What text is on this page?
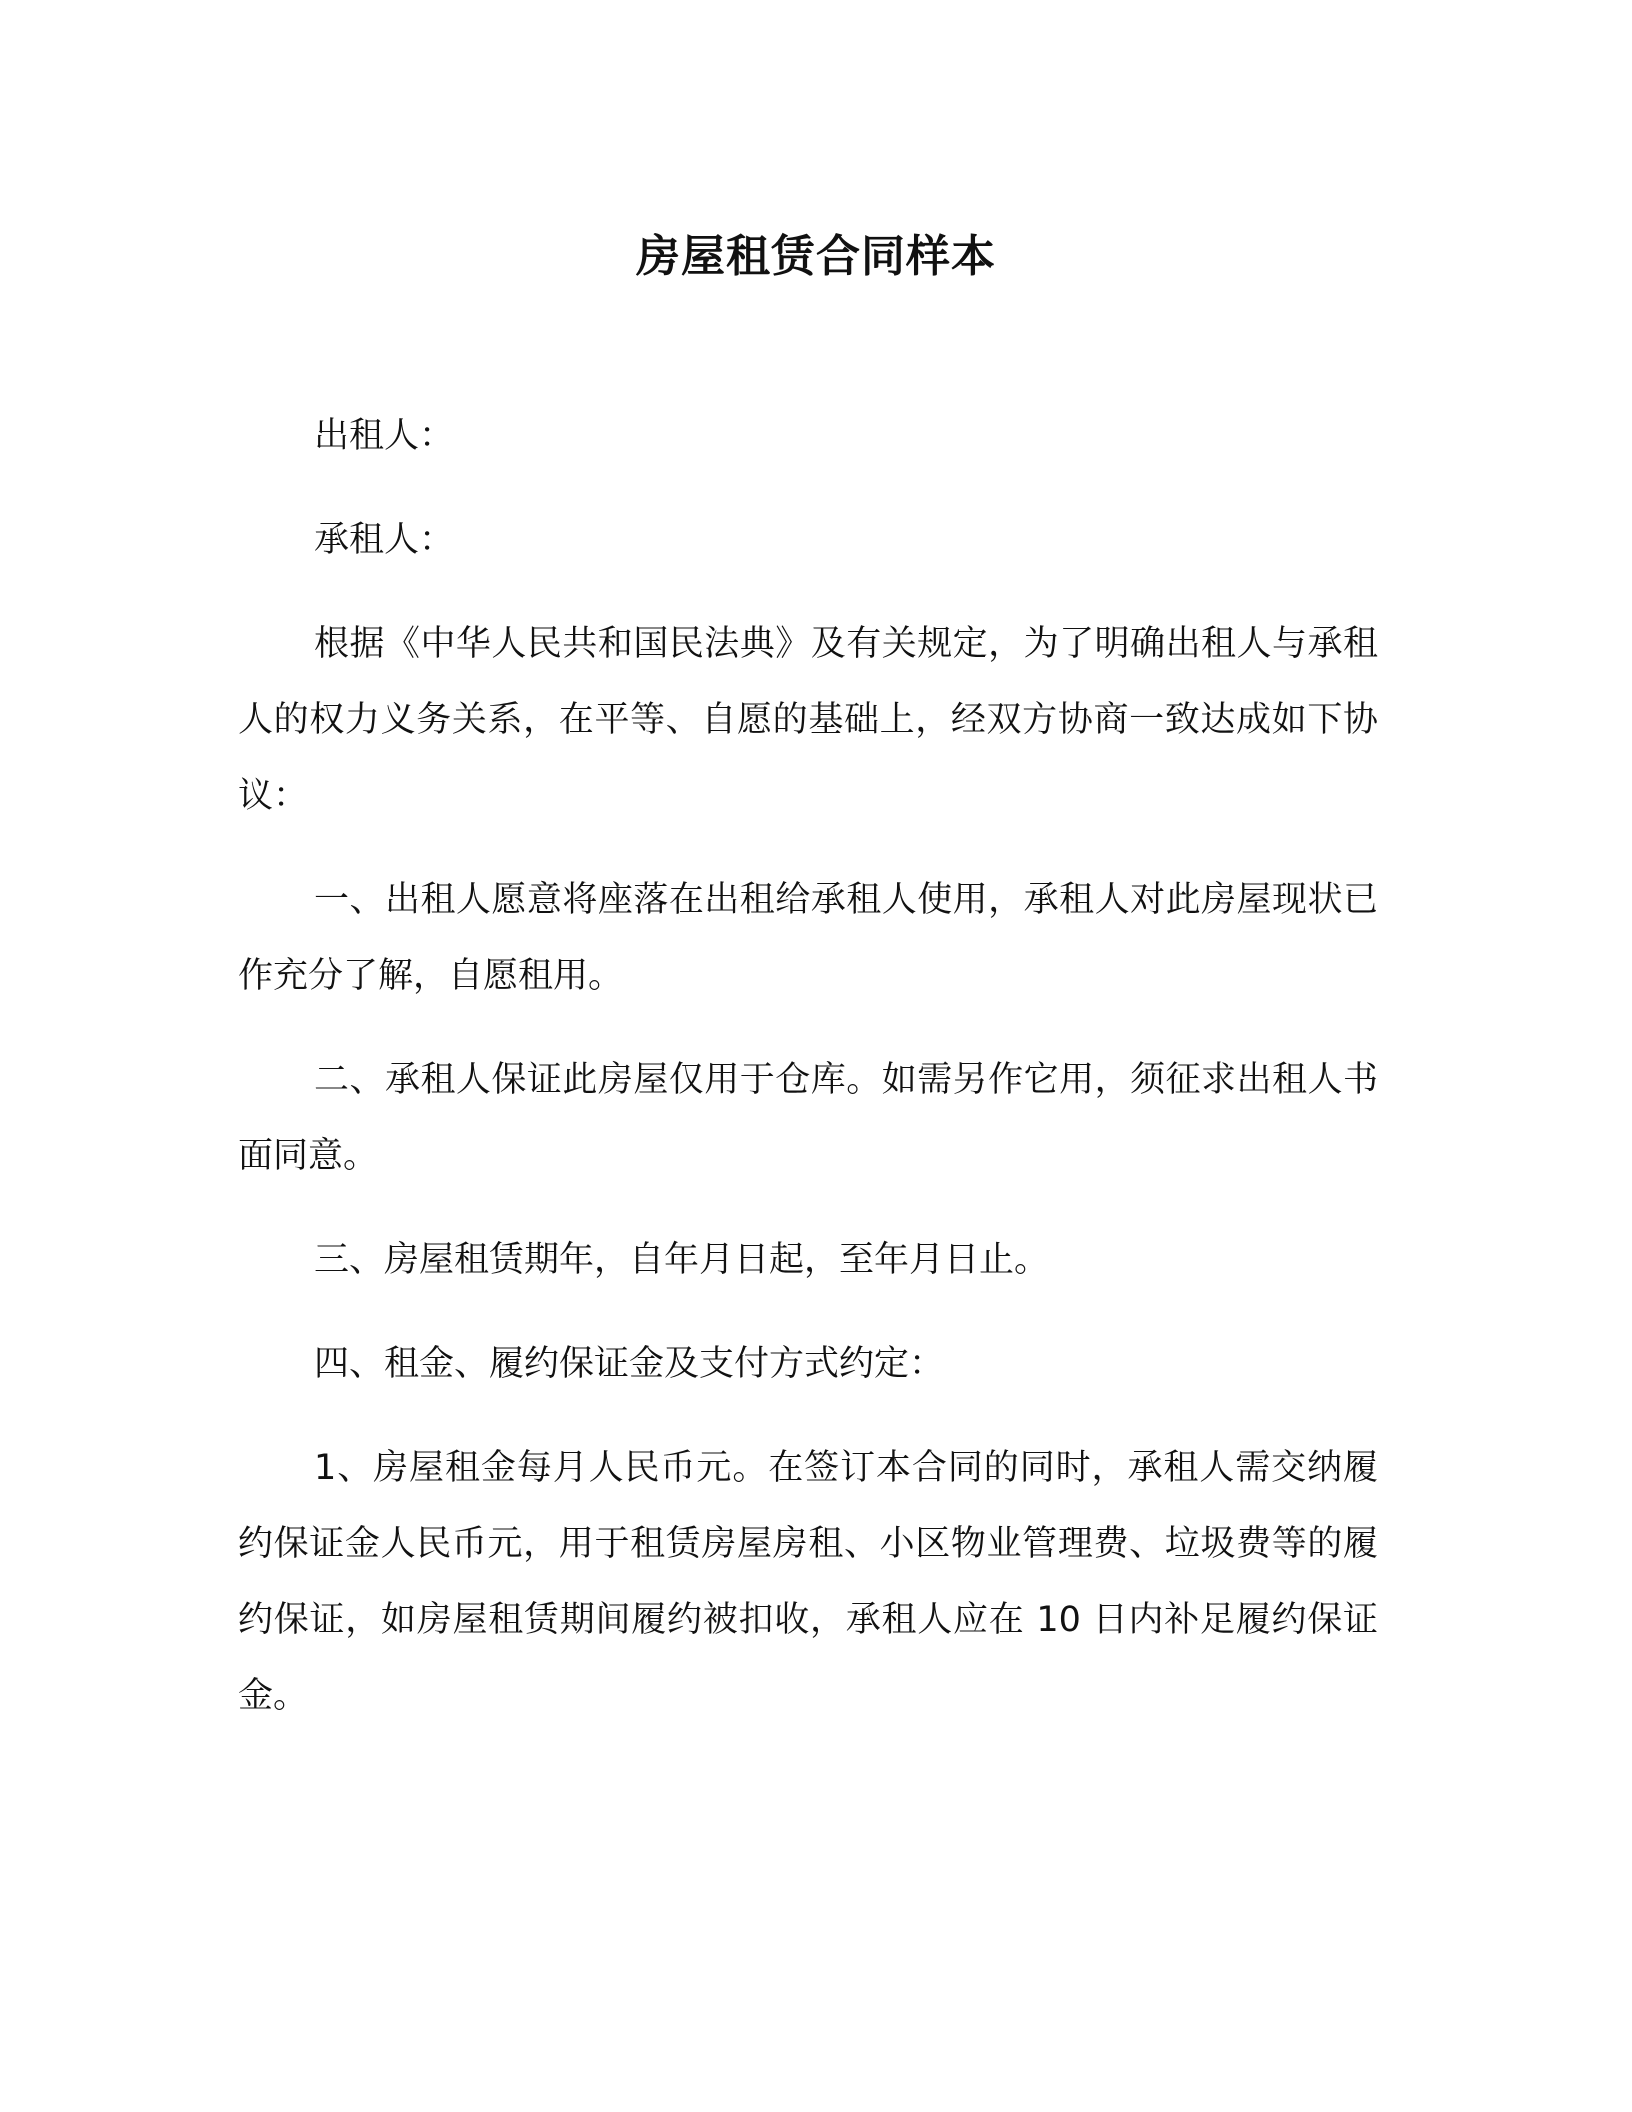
房屋租赁合同样本

出租人：

承租人：

根据《中华人民共和国民法典》及有关规定，为了明确出租人与承租人的权力义务关系，在平等、自愿的基础上，经双方协商一致达成如下协议：

一、出租人愿意将座落在出租给承租人使用，承租人对此房屋现状已作充分了解，自愿租用。

二、承租人保证此房屋仅用于仓库。如需另作它用，须征求出租人书面同意。

三、房屋租赁期年，自年月日起，至年月日止。

四、租金、履约保证金及支付方式约定：

1、房屋租金每月人民币元。在签订本合同的同时，承租人需交纳履约保证金人民币元，用于租赁房屋房租、小区物业管理费、垃圾费等的履约保证，如房屋租赁期间履约被扣收，承租人应在 10 日内补足履约保证金。
